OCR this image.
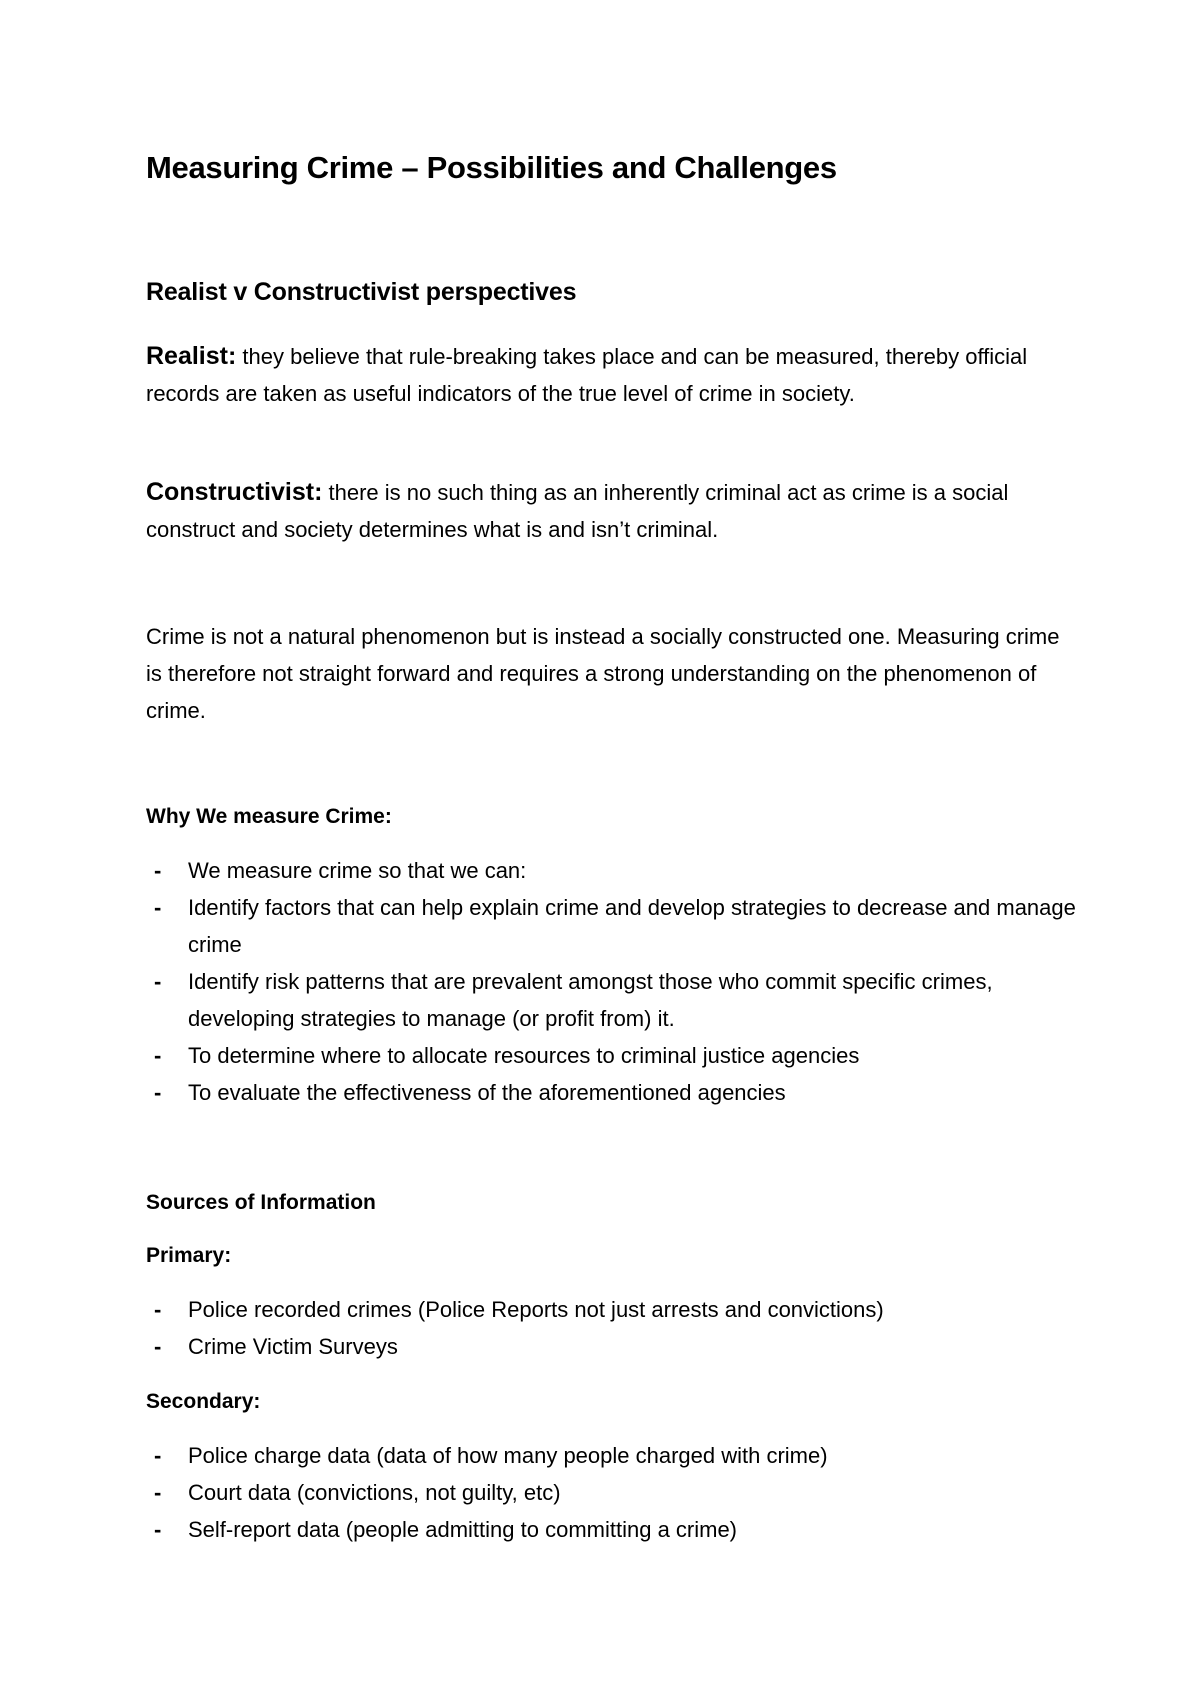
Measuring Crime – Possibilities and Challenges
Realist v Constructivist perspectives
Realist: they believe that rule-breaking takes place and can be measured, thereby official records are taken as useful indicators of the true level of crime in society.
Constructivist: there is no such thing as an inherently criminal act as crime is a social construct and society determines what is and isn’t criminal.
Crime is not a natural phenomenon but is instead a socially constructed one. Measuring crime is therefore not straight forward and requires a strong understanding on the phenomenon of crime.
Why We measure Crime:
- We measure crime so that we can:
- Identify factors that can help explain crime and develop strategies to decrease and manage crime
- Identify risk patterns that are prevalent amongst those who commit specific crimes, developing strategies to manage (or profit from) it.
- To determine where to allocate resources to criminal justice agencies
- To evaluate the effectiveness of the aforementioned agencies
Sources of Information
Primary:
- Police recorded crimes (Police Reports not just arrests and convictions)
- Crime Victim Surveys
Secondary:
- Police charge data (data of how many people charged with crime)
- Court data (convictions, not guilty, etc)
- Self-report data (people admitting to committing a crime)
